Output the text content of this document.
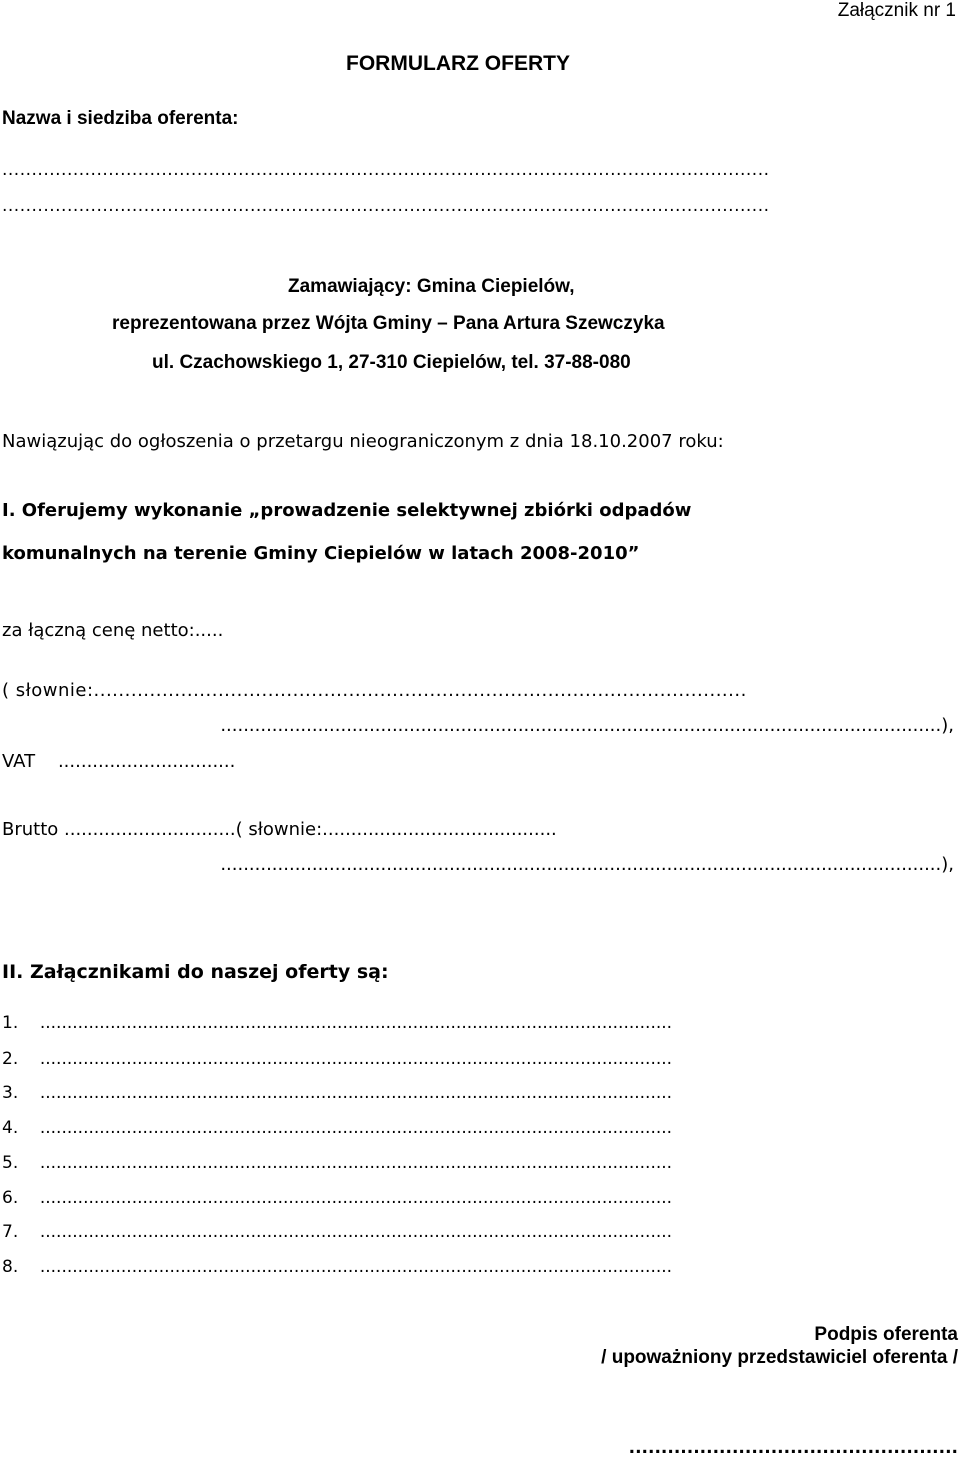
Załącznik nr 1
FORMULARZ OFERTY
Nazwa i siedziba oferenta:
..................................................................................................................................
..................................................................................................................................
Zamawiający: Gmina Ciepielów,
reprezentowana przez Wójta Gminy – Pana Artura Szewczyka
ul. Czachowskiego 1, 27-310 Ciepielów, tel. 37-88-080
Nawiązując do ogłoszenia o przetargu nieograniczonym z dnia 18.10.2007 roku:
I. Oferujemy wykonanie „prowadzenie selektywnej zbiórki odpadów
komunalnych na terenie Gminy Ciepielów w latach 2008-2010”
za łączną cenę netto:.....
( słownie:.........................................................................................................
..............................................................................................................................),
VAT    ...............................
Brutto ..............................( słownie:.........................................
..............................................................................................................................),
II. Załącznikami do naszej oferty są:
1.    .....................................................................................................................
2.    .....................................................................................................................
3.    .....................................................................................................................
4.    .....................................................................................................................
5.    .....................................................................................................................
6.    .....................................................................................................................
7.    .....................................................................................................................
8.    .....................................................................................................................
Podpis oferenta
/ upoważniony przedstawiciel oferenta /
...................................................
